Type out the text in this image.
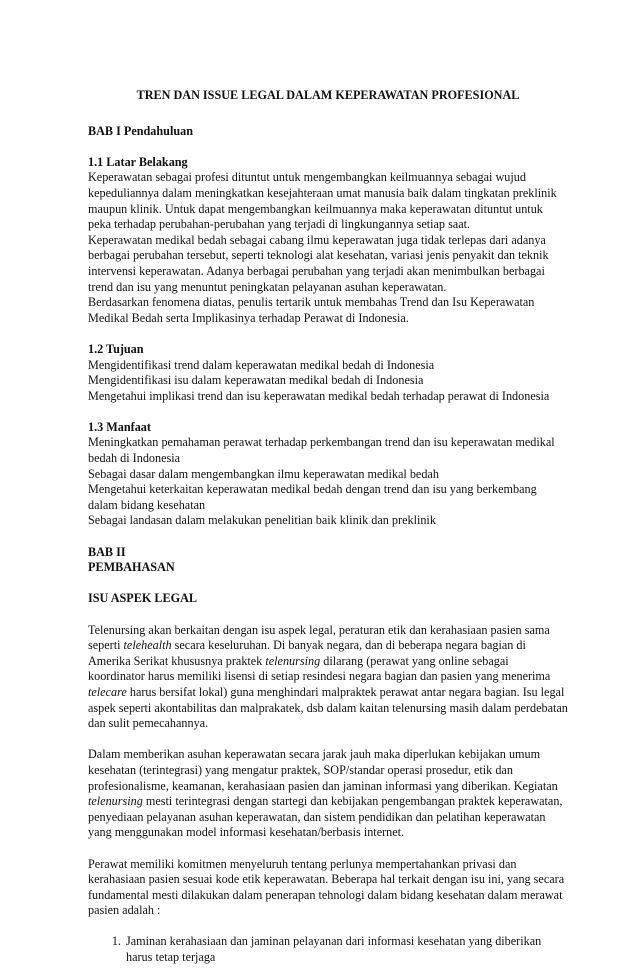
TREN DAN ISSUE LEGAL DALAM KEPERAWATAN PROFESIONAL

BAB I Pendahuluan

1.1 Latar Belakang

Keperawatan sebagai profesi dituntut untuk mengembangkan keilmuannya sebagai wujud kepeduliannya dalam meningkatkan kesejahteraan umat manusia baik dalam tingkatan preklinik maupun klinik. Untuk dapat mengembangkan keilmuannya maka keperawatan dituntut untuk peka terhadap perubahan-perubahan yang terjadi di lingkungannya setiap saat.

Keperawatan medikal bedah sebagai cabang ilmu keperawatan juga tidak terlepas dari adanya berbagai perubahan tersebut, seperti teknologi alat kesehatan, variasi jenis penyakit dan teknik intervensi keperawatan. Adanya berbagai perubahan yang terjadi akan menimbulkan berbagai trend dan isu yang menuntut peningkatan pelayanan asuhan keperawatan.

Berdasarkan fenomena diatas, penulis tertarik untuk membahas Trend dan Isu Keperawatan Medikal Bedah serta Implikasinya terhadap Perawat di Indonesia.

1.2 Tujuan

Mengidentifikasi trend dalam keperawatan medikal bedah di Indonesia

Mengidentifikasi isu dalam keperawatan medikal bedah di Indonesia

Mengetahui implikasi trend dan isu keperawatan medikal bedah terhadap perawat di Indonesia

1.3 Manfaat

Meningkatkan pemahaman perawat terhadap perkembangan trend dan isu keperawatan medikal bedah di Indonesia

Sebagai dasar dalam mengembangkan ilmu keperawatan medikal bedah

Mengetahui keterkaitan keperawatan medikal bedah dengan trend dan isu yang berkembang dalam bidang kesehatan

Sebagai landasan dalam melakukan penelitian baik klinik dan preklinik

BAB II

PEMBAHASAN

ISU ASPEK LEGAL

Telenursing akan berkaitan dengan isu aspek legal, peraturan etik dan kerahasiaan pasien sama seperti telehealth secara keseluruhan. Di banyak negara, dan di beberapa negara bagian di Amerika Serikat khususnya praktek telenursing dilarang (perawat yang online sebagai koordinator harus memiliki lisensi di setiap resindesi negara bagian dan pasien yang menerima telecare harus bersifat lokal) guna menghindari malpraktek perawat antar negara bagian. Isu legal aspek seperti akontabilitas dan malprakatek, dsb dalam kaitan telenursing masih dalam perdebatan dan sulit pemecahannya.

Dalam memberikan asuhan keperawatan secara jarak jauh maka diperlukan kebijakan umum kesehatan (terintegrasi) yang mengatur praktek, SOP/standar operasi prosedur, etik dan profesionalisme, keamanan, kerahasiaan pasien dan jaminan informasi yang diberikan. Kegiatan telenursing mesti terintegrasi dengan startegi dan kebijakan pengembangan praktek keperawatan, penyediaan pelayanan asuhan keperawatan, dan sistem pendidikan dan pelatihan keperawatan yang menggunakan model informasi kesehatan/berbasis internet.

Perawat memiliki komitmen menyeluruh tentang perlunya mempertahankan privasi dan kerahasiaan pasien sesuai kode etik keperawatan. Beberapa hal terkait dengan isu ini, yang secara fundamental mesti dilakukan dalam penerapan tehnologi dalam bidang kesehatan dalam merawat pasien adalah :

1. Jaminan kerahasiaan dan jaminan pelayanan dari informasi kesehatan yang diberikan harus tetap terjaga
